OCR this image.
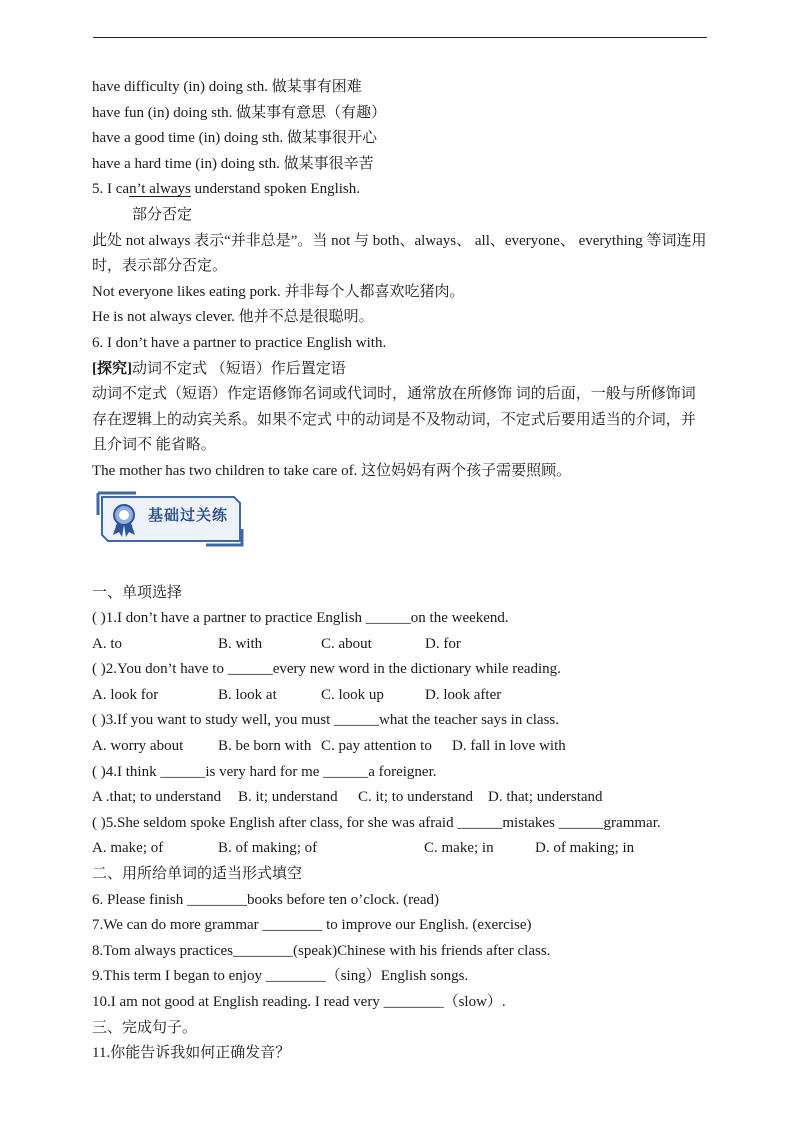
have difficulty (in) doing sth. 做某事有困难
have fun (in) doing sth. 做某事有意思（有趣）
have a good time (in) doing sth. 做某事很开心
have a hard time (in) doing sth. 做某事很辛苦
5. I can’t always understand spoken English.
部分否定
此处 not always 表示“并非总是”。当 not 与 both、always、 all、everyone、 everything 等词连用时，表示部分否定。
Not everyone likes eating pork. 并非每个人都喜欢吃猪肉。
He is not always clever. 他并不总是很聪明。
6. I don’t have a partner to practice English with.
[探究]动词不定式 （短语）作后置定语
动词不定式（短语）作定语修饰名词或代词时，通常放在所修饰 词的后面，一般与所修饰词存在逻辑上的动宾关系。如果不定式 中的动词是不及物动词，不定式后要用适当的介词，并且介词不 能省略。
The mother has two children to take care of. 这位妈妈有两个孩子需要照顾。
基础过关练
一、单项选择
( )1.I don’t have a partner to practice English ______on the weekend.
A. to	B. with	C. about	D. for
( )2.You don’t have to ______every new word in the dictionary while reading.
A. look for	B. look at	C. look up	D. look after
( )3.If you want to study well, you must ______what the teacher says in class.
A. worry about	B. be born with C. pay attention to	D. fall in love with
( )4.I think ______is very hard for me ______a foreigner.
A .that; to understand	B. it; understand	C. it; to understand	D. that; understand
( )5.She seldom spoke English after class, for she was afraid ______mistakes ______grammar.
A. make; of	B. of making; of	C. make; in	D. of making; in
二、用所给单词的适当形式填空
6. Please finish ________books before ten o’clock. (read)
7.We can do more grammar ________ to improve our English. (exercise)
8.Tom always practices________(speak)Chinese with his friends after class.
9.This term I began to enjoy ________（sing）English songs.
10.I am not good at English reading. I read very ________（slow）.
三、完成句子。
11.你能告诉我如何正确发音？
